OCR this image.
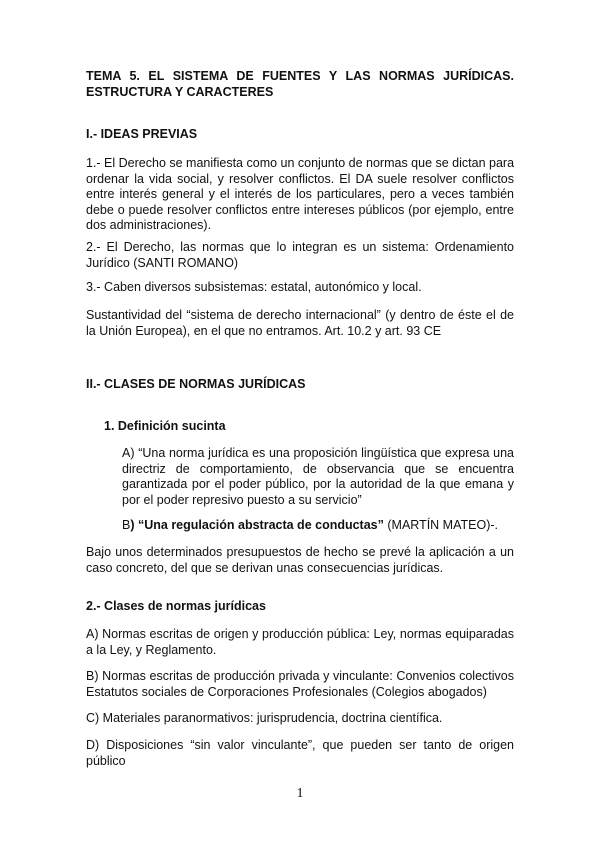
TEMA 5. EL SISTEMA DE FUENTES Y LAS NORMAS JURÍDICAS. ESTRUCTURA Y CARACTERES

I.- IDEAS PREVIAS

1.- El Derecho se manifiesta como un conjunto de normas que se dictan para ordenar la vida social, y resolver conflictos. El DA suele resolver conflictos entre interés general y el interés de los particulares, pero a veces también debe o puede resolver conflictos entre intereses públicos (por ejemplo, entre dos administraciones).

2.- El Derecho, las normas que lo integran es un sistema: Ordenamiento Jurídico (SANTI ROMANO)

3.- Caben diversos subsistemas: estatal, autonómico y local.

Sustantividad del “sistema de derecho internacional” (y dentro de éste el de la Unión Europea), en el que no entramos. Art. 10.2 y art. 93 CE

II.- CLASES DE NORMAS JURÍDICAS

1. Definición sucinta

A) “Una norma jurídica es una proposición lingüística que expresa una directriz de comportamiento, de observancia que se encuentra garantizada por el poder público, por la autoridad de la que emana y por el poder represivo puesto a su servicio”

B) “Una regulación abstracta de conductas” (MARTÍN MATEO)-.

Bajo unos determinados presupuestos de hecho se prevé la aplicación a un caso concreto, del que se derivan unas consecuencias jurídicas.

2.- Clases de normas jurídicas

A) Normas escritas de origen y producción pública: Ley, normas equiparadas a la Ley, y Reglamento.

B) Normas escritas de producción privada y vinculante: Convenios colectivos Estatutos sociales de Corporaciones Profesionales (Colegios abogados)

C) Materiales paranormativos: jurisprudencia, doctrina científica.

D) Disposiciones “sin valor vinculante”, que pueden ser tanto de origen público

1
